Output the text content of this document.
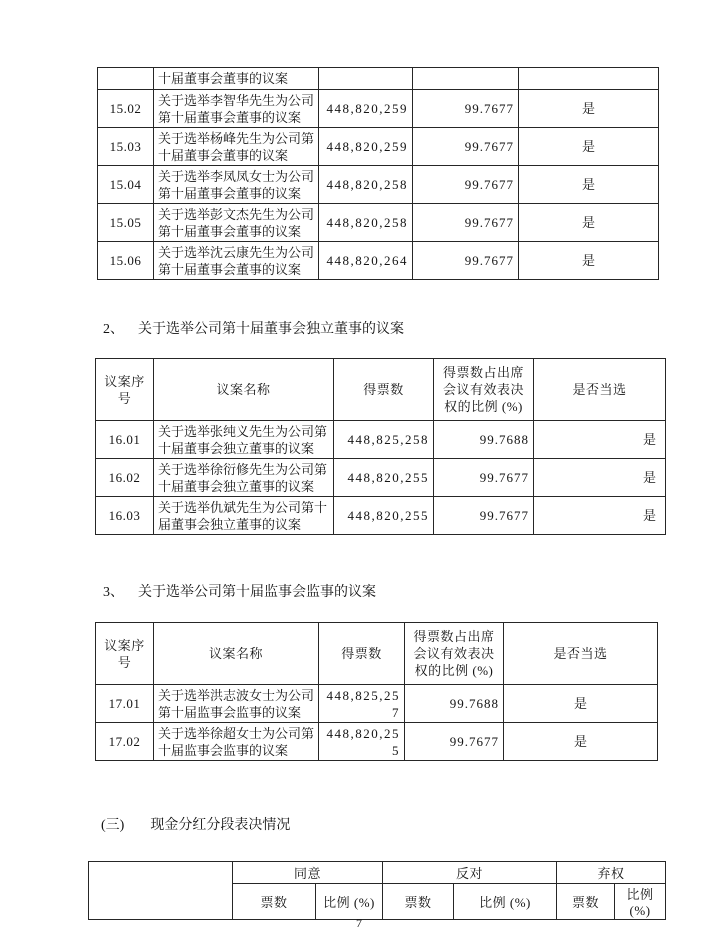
	十届董事会董事的议案			
15.02	关于选举李智华先生为公司第十届董事会董事的议案	448,820,259	99.7677	是
15.03	关于选举杨峰先生为公司第十届董事会董事的议案	448,820,259	99.7677	是
15.04	关于选举李凤凤女士为公司第十届董事会董事的议案	448,820,258	99.7677	是
15.05	关于选举彭文杰先生为公司第十届董事会董事的议案	448,820,258	99.7677	是
15.06	关于选举沈云康先生为公司第十届董事会董事的议案	448,820,264	99.7677	是
2、 关于选举公司第十届董事会独立董事的议案
议案序号	议案名称	得票数	得票数占出席会议有效表决权的比例 (%)	是否当选
16.01	关于选举张纯义先生为公司第十届董事会独立董事的议案	448,825,258	99.7688	是
16.02	关于选举徐衍修先生为公司第十届董事会独立董事的议案	448,820,255	99.7677	是
16.03	关于选举仇斌先生为公司第十届董事会独立董事的议案	448,820,255	99.7677	是
3、 关于选举公司第十届监事会监事的议案
议案序号	议案名称	得票数	得票数占出席会议有效表决权的比例 (%)	是否当选
17.01	关于选举洪志波女士为公司第十届监事会监事的议案	448,825,257	99.7688	是
17.02	关于选举徐超女士为公司第十届监事会监事的议案	448,820,255	99.7677	是
(三) 现金分红分段表决情况
	同意		反对		弃权	
	票数	比例 (%)	票数	比例 (%)	票数	比例 (%)
7
